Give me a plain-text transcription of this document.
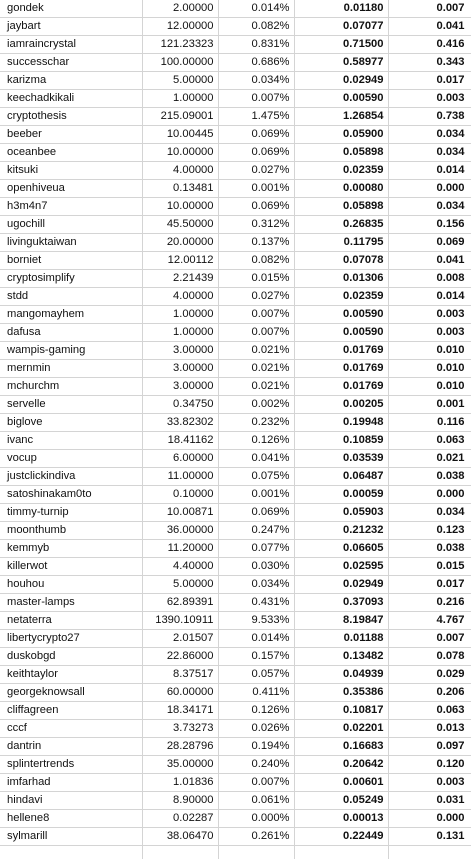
gondek	2.00000	0.014%	0.01180	0.007
jaybart	12.00000	0.082%	0.07077	0.041
iamraincrystal	121.23323	0.831%	0.71500	0.416
successchar	100.00000	0.686%	0.58977	0.343
karizma	5.00000	0.034%	0.02949	0.017
keechadkikali	1.00000	0.007%	0.00590	0.003
cryptothesis	215.09001	1.475%	1.26854	0.738
beeber	10.00445	0.069%	0.05900	0.034
oceanbee	10.00000	0.069%	0.05898	0.034
kitsuki	4.00000	0.027%	0.02359	0.014
openhiveua	0.13481	0.001%	0.00080	0.000
h3m4n7	10.00000	0.069%	0.05898	0.034
ugochill	45.50000	0.312%	0.26835	0.156
livinguktaiwan	20.00000	0.137%	0.11795	0.069
borniet	12.00112	0.082%	0.07078	0.041
cryptosimplify	2.21439	0.015%	0.01306	0.008
stdd	4.00000	0.027%	0.02359	0.014
mangomayhem	1.00000	0.007%	0.00590	0.003
dafusa	1.00000	0.007%	0.00590	0.003
wampis-gaming	3.00000	0.021%	0.01769	0.010
mernmin	3.00000	0.021%	0.01769	0.010
mchurchm	3.00000	0.021%	0.01769	0.010
servelle	0.34750	0.002%	0.00205	0.001
biglove	33.82302	0.232%	0.19948	0.116
ivanc	18.41162	0.126%	0.10859	0.063
vocup	6.00000	0.041%	0.03539	0.021
justclickindiva	11.00000	0.075%	0.06487	0.038
satoshinakam0to	0.10000	0.001%	0.00059	0.000
timmy-turnip	10.00871	0.069%	0.05903	0.034
moonthumb	36.00000	0.247%	0.21232	0.123
kemmyb	11.20000	0.077%	0.06605	0.038
killerwot	4.40000	0.030%	0.02595	0.015
houhou	5.00000	0.034%	0.02949	0.017
master-lamps	62.89391	0.431%	0.37093	0.216
netaterra	1390.10911	9.533%	8.19847	4.767
libertycrypto27	2.01507	0.014%	0.01188	0.007
duskobgd	22.86000	0.157%	0.13482	0.078
keithtaylor	8.37517	0.057%	0.04939	0.029
georgeknowsall	60.00000	0.411%	0.35386	0.206
cliffagreen	18.34171	0.126%	0.10817	0.063
cccf	3.73273	0.026%	0.02201	0.013
dantrin	28.28796	0.194%	0.16683	0.097
splintertrends	35.00000	0.240%	0.20642	0.120
imfarhad	1.01836	0.007%	0.00601	0.003
hindavi	8.90000	0.061%	0.05249	0.031
hellene8	0.02287	0.000%	0.00013	0.000
sylmarill	38.06470	0.261%	0.22449	0.131
